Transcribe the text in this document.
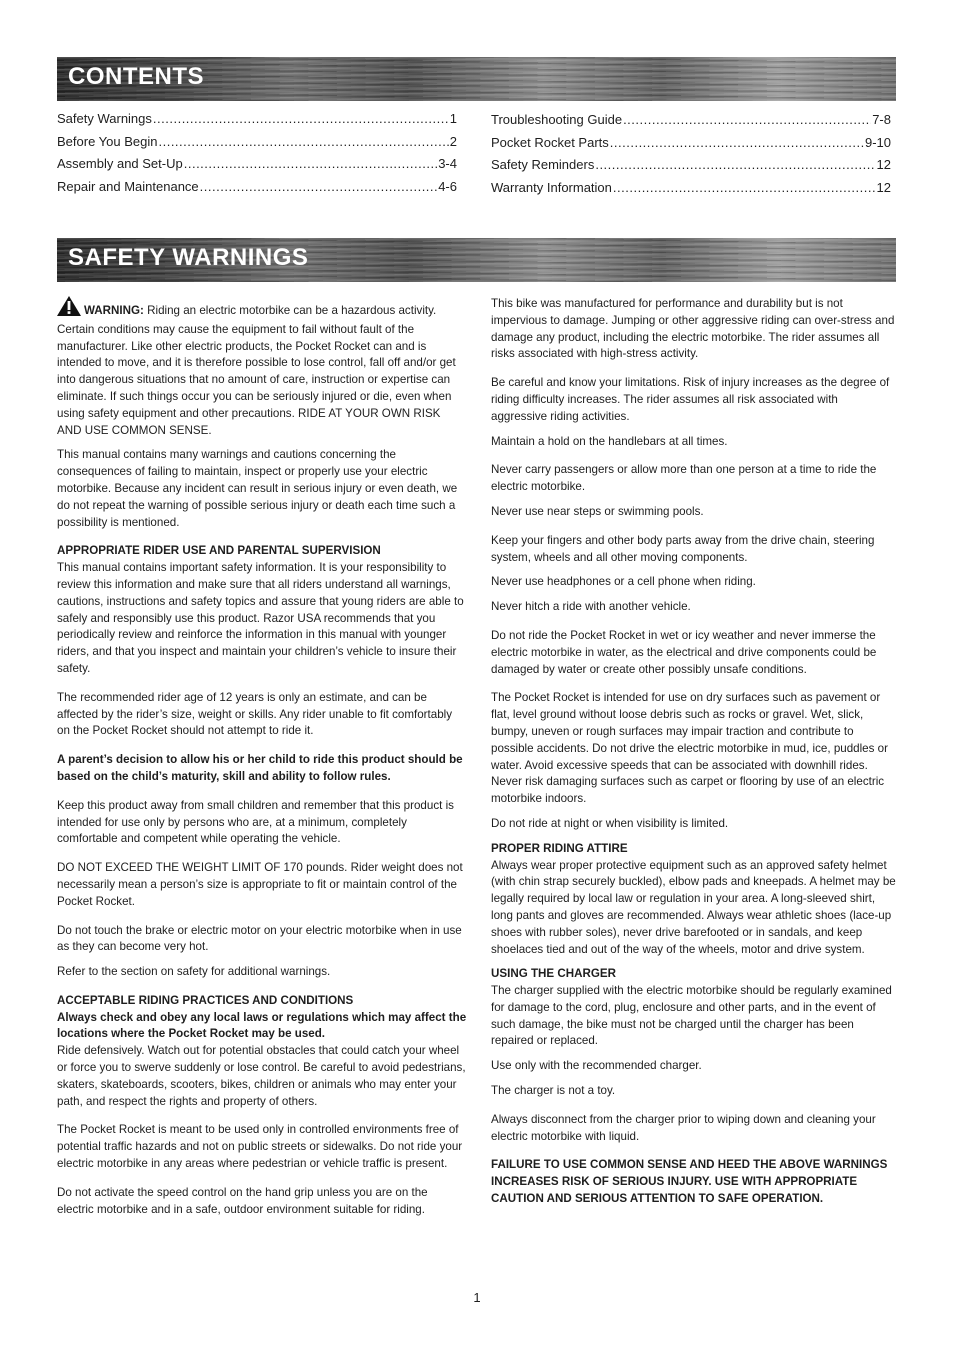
CONTENTS
Safety Warnings .....	1
Before You Begin .....	2
Assembly and Set-Up .....	3-4
Repair and Maintenance .....	4-6
Troubleshooting Guide .....	7-8
Pocket Rocket Parts .....	9-10
Safety Reminders .....	12
Warranty Information .....	12
SAFETY WARNINGS

WARNING: Riding an electric motorbike can be a hazardous activity. Certain conditions may cause the equipment to fail without fault of the manufacturer. Like other electric products, the Pocket Rocket can and is intended to move, and it is therefore possible to lose control, fall off and/or get into dangerous situations that no amount of care, instruction or expertise can eliminate. If such things occur you can be seriously injured or die, even when using safety equipment and other precautions. RIDE AT YOUR OWN RISK AND USE COMMON SENSE.

This manual contains many warnings and cautions concerning the consequences of failing to maintain, inspect or properly use your electric motorbike. Because any incident can result in serious injury or even death, we do not repeat the warning of possible serious injury or death each time such a possibility is mentioned.

APPROPRIATE RIDER USE AND PARENTAL SUPERVISION

This manual contains important safety information. It is your responsibility to review this information and make sure that all riders understand all warnings, cautions, instructions and safety topics and assure that young riders are able to safely and responsibly use this product. Razor USA recommends that you periodically review and reinforce the information in this manual with younger riders, and that you inspect and maintain your children’s vehicle to insure their safety.

The recommended rider age of 12 years is only an estimate, and can be affected by the rider’s size, weight or skills. Any rider unable to fit comfortably on the Pocket Rocket should not attempt to ride it.

A parent’s decision to allow his or her child to ride this product should be based on the child’s maturity, skill and ability to follow rules.

Keep this product away from small children and remember that this product is intended for use only by persons who are, at a minimum, completely comfortable and competent while operating the vehicle.

DO NOT EXCEED THE WEIGHT LIMIT OF 170 pounds. Rider weight does not necessarily mean a person’s size is appropriate to fit or maintain control of the Pocket Rocket.

Do not touch the brake or electric motor on your electric motorbike when in use as they can become very hot.

Refer to the section on safety for additional warnings.

ACCEPTABLE RIDING PRACTICES AND CONDITIONS
Always check and obey any local laws or regulations which may affect the locations where the Pocket Rocket may be used.

Ride defensively. Watch out for potential obstacles that could catch your wheel or force you to swerve suddenly or lose control. Be careful to avoid pedestrians, skaters, skateboards, scooters, bikes, children or animals who may enter your path, and respect the rights and property of others.

The Pocket Rocket is meant to be used only in controlled environments free of potential traffic hazards and not on public streets or sidewalks. Do not ride your electric motorbike in any areas where pedestrian or vehicle traffic is present.

Do not activate the speed control on the hand grip unless you are on the electric motorbike and in a safe, outdoor environment suitable for riding.

This bike was manufactured for performance and durability but is not impervious to damage. Jumping or other aggressive riding can over-stress and damage any product, including the electric motorbike. The rider assumes all risks associated with high-stress activity.

Be careful and know your limitations. Risk of injury increases as the degree of riding difficulty increases. The rider assumes all risk associated with aggressive riding activities.

Maintain a hold on the handlebars at all times.

Never carry passengers or allow more than one person at a time to ride the electric motorbike.

Never use near steps or swimming pools.

Keep your fingers and other body parts away from the drive chain, steering system, wheels and all other moving components.

Never use headphones or a cell phone when riding.

Never hitch a ride with another vehicle.

Do not ride the Pocket Rocket in wet or icy weather and never immerse the electric motorbike in water, as the electrical and drive components could be damaged by water or create other possibly unsafe conditions.

The Pocket Rocket is intended for use on dry surfaces such as pavement or flat, level ground without loose debris such as rocks or gravel. Wet, slick, bumpy, uneven or rough surfaces may impair traction and contribute to possible accidents. Do not drive the electric motorbike in mud, ice, puddles or water. Avoid excessive speeds that can be associated with downhill rides. Never risk damaging surfaces such as carpet or flooring by use of an electric motorbike indoors.

Do not ride at night or when visibility is limited.

PROPER RIDING ATTIRE

Always wear proper protective equipment such as an approved safety helmet (with chin strap securely buckled), elbow pads and kneepads. A helmet may be legally required by local law or regulation in your area. A long-sleeved shirt, long pants and gloves are recommended. Always wear athletic shoes (lace-up shoes with rubber soles), never drive barefooted or in sandals, and keep shoelaces tied and out of the way of the wheels, motor and drive system.

USING THE CHARGER

The charger supplied with the electric motorbike should be regularly examined for damage to the cord, plug, enclosure and other parts, and in the event of such damage, the bike must not be charged until the charger has been repaired or replaced.

Use only with the recommended charger.

The charger is not a toy.

Always disconnect from the charger prior to wiping down and cleaning your electric motorbike with liquid.

FAILURE TO USE COMMON SENSE AND HEED THE ABOVE WARNINGS INCREASES RISK OF SERIOUS INJURY. USE WITH APPROPRIATE CAUTION AND SERIOUS ATTENTION TO SAFE OPERATION.

1
